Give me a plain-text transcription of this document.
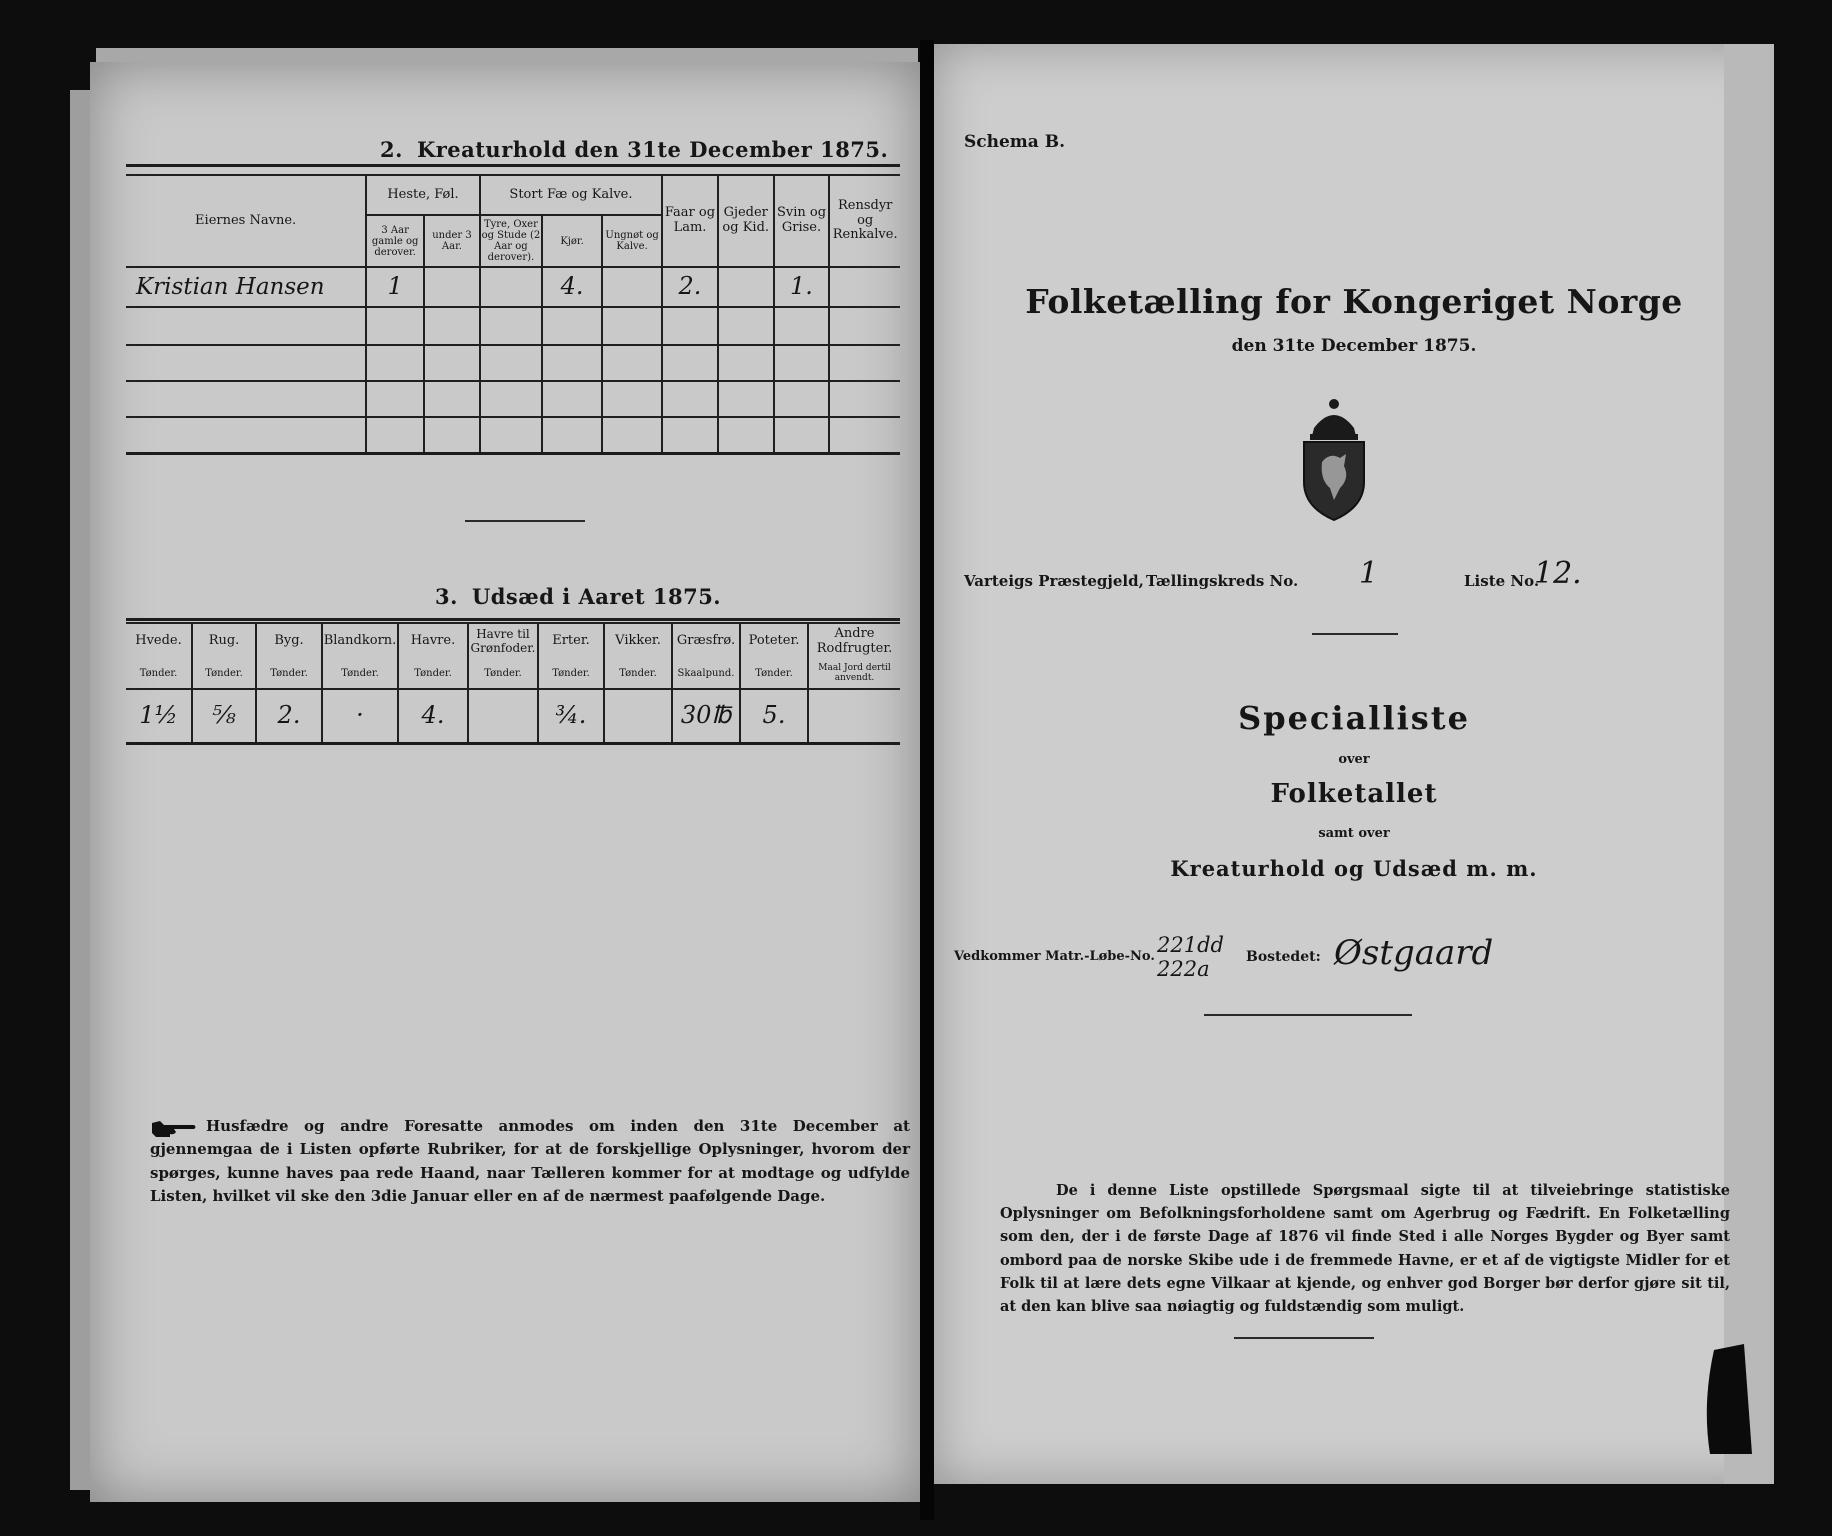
2. Kreaturhold den 31te December 1875.
Eiernes Navne.	Heste, Føl.		Stort Fæ og Kalve.			Faar og Lam.	Gjeder og Kid.	Svin og Grise.	Rensdyr og Renkalve.
	3 Aar gamle og derover.	under 3 Aar.	Tyre, Oxer og Stude (2 Aar og derover).	Kjør.	Ungnøt og Kalve.				
Kristian Hansen	1			4.		2.		1.	

3. Udsæd i Aaret 1875.
Hvede.	Rug.	Byg.	Blandkorn.	Havre.	Havre til Grønfoder.	Erter.	Vikker.	Græsfrø.	Poteter.	Andre Rodfrugter.
Tønder.	Tønder.	Tønder.	Tønder.	Tønder.	Tønder.	Tønder.	Tønder.	Skaalpund.	Tønder.	Maal Jord dertil anvendt.
1½	⅝	2.	·	4.		¾.		30℔	5.	
Husfædre og andre Foresatte anmodes om inden den 31te December at gjennemgaa de i Listen opførte Rubriker, for at de forskjellige Oplysninger, hvorom der spørges, kunne haves paa rede Haand, naar Tælleren kommer for at modtage og udfylde Listen, hvilket vil ske den 3die Januar eller en af de nærmest paafølgende Dage.
Schema B.
Folketælling for Kongeriget Norge
den 31te December 1875.
Varteigs Præstegjeld, Tællingskreds No. 1	Liste No.
12.
Specialliste
over
Folketallet
samt over
Kreaturhold og Udsæd m. m.
Vedkommer Matr.-Løbe-No. 221dd
222a	Bostedet: Østgaard
De i denne Liste opstillede Spørgsmaal sigte til at tilveiebringe statistiske Oplysninger om Befolkningsforholdene samt om Agerbrug og Fædrift. En Folketælling som den, der i de første Dage af 1876 vil finde Sted i alle Norges Bygder og Byer samt ombord paa de norske Skibe ude i de fremmede Havne, er et af de vigtigste Midler for et Folk til at lære dets egne Vilkaar at kjende, og enhver god Borger bør derfor gjøre sit til, at den kan blive saa nøiagtig og fuldstændig som muligt.
